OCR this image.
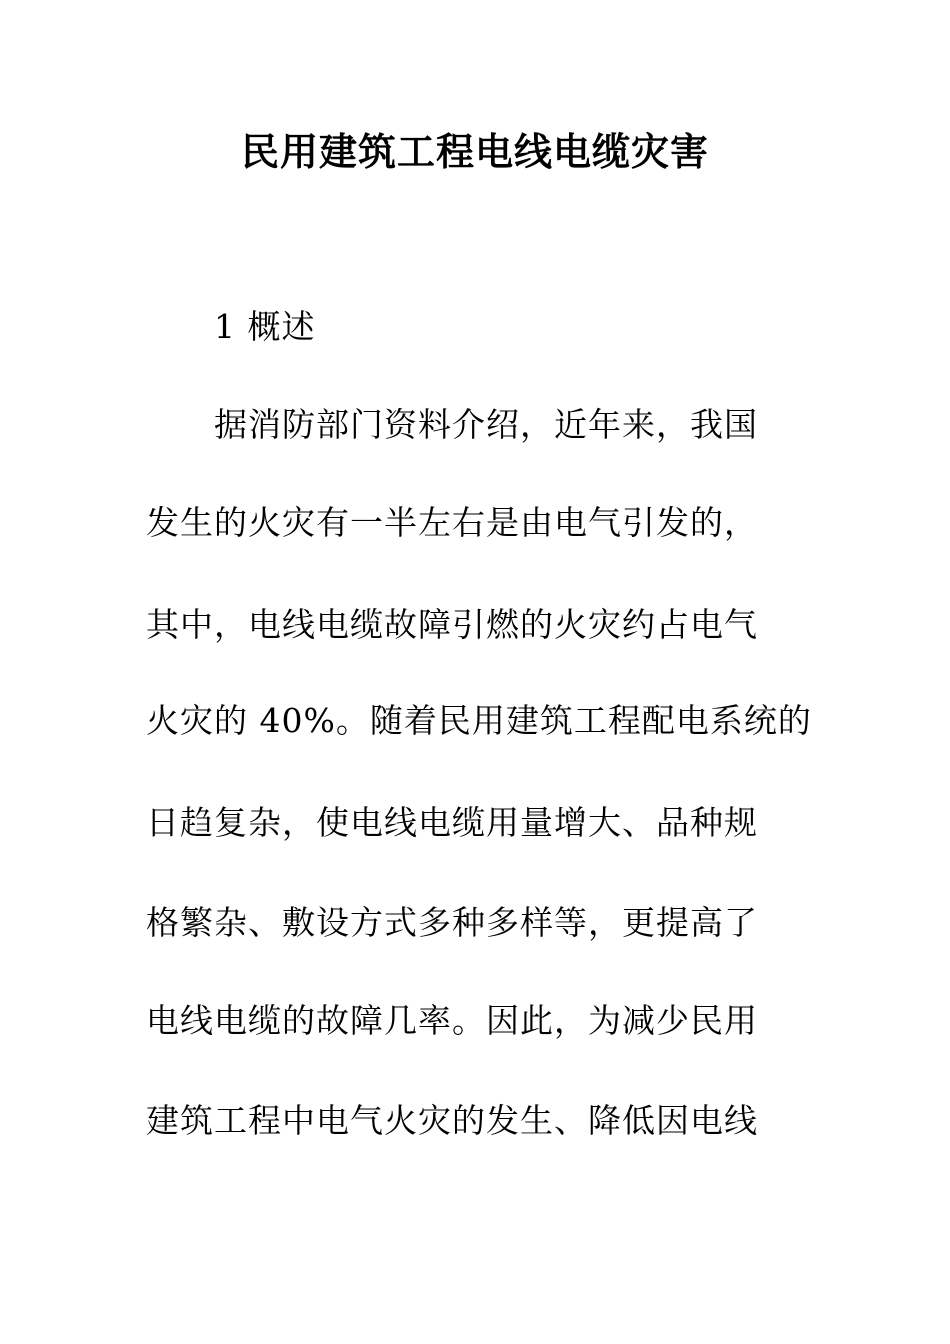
民用建筑工程电线电缆灾害
1 概述
据消防部门资料介绍，近年来，我国
发生的火灾有一半左右是由电气引发的，
其中，电线电缆故障引燃的火灾约占电气
火灾的 40%。随着民用建筑工程配电系统的
日趋复杂，使电线电缆用量增大、品种规
格繁杂、敷设方式多种多样等，更提高了
电线电缆的故障几率。因此，为减少民用
建筑工程中电气火灾的发生、降低因电线
